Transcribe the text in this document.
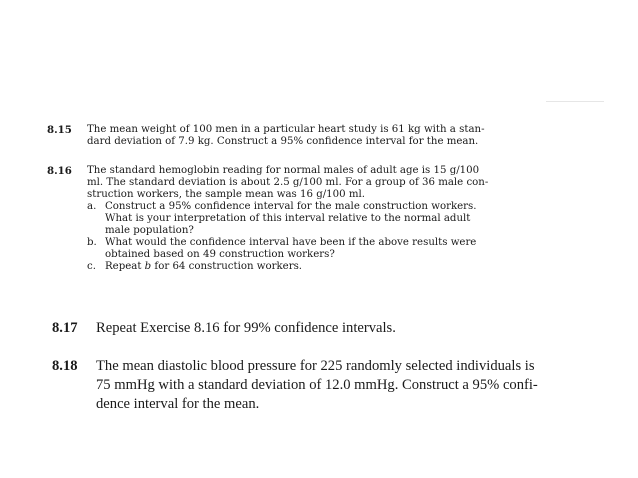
8.15 The mean weight of 100 men in a particular heart study is 61 kg with a stan-
dard deviation of 7.9 kg. Construct a 95% confidence interval for the mean.
8.16 The standard hemoglobin reading for normal males of adult age is 15 g/100
ml. The standard deviation is about 2.5 g/100 ml. For a group of 36 male con-
struction workers, the sample mean was 16 g/100 ml.
a. Construct a 95% confidence interval for the male construction workers.
What is your interpretation of this interval relative to the normal adult
male population?
b. What would the confidence interval have been if the above results were
obtained based on 49 construction workers?
c. Repeat b for 64 construction workers.
8.17 Repeat Exercise 8.16 for 99% confidence intervals.
8.18 The mean diastolic blood pressure for 225 randomly selected individuals is
75 mmHg with a standard deviation of 12.0 mmHg. Construct a 95% confi-
dence interval for the mean.
